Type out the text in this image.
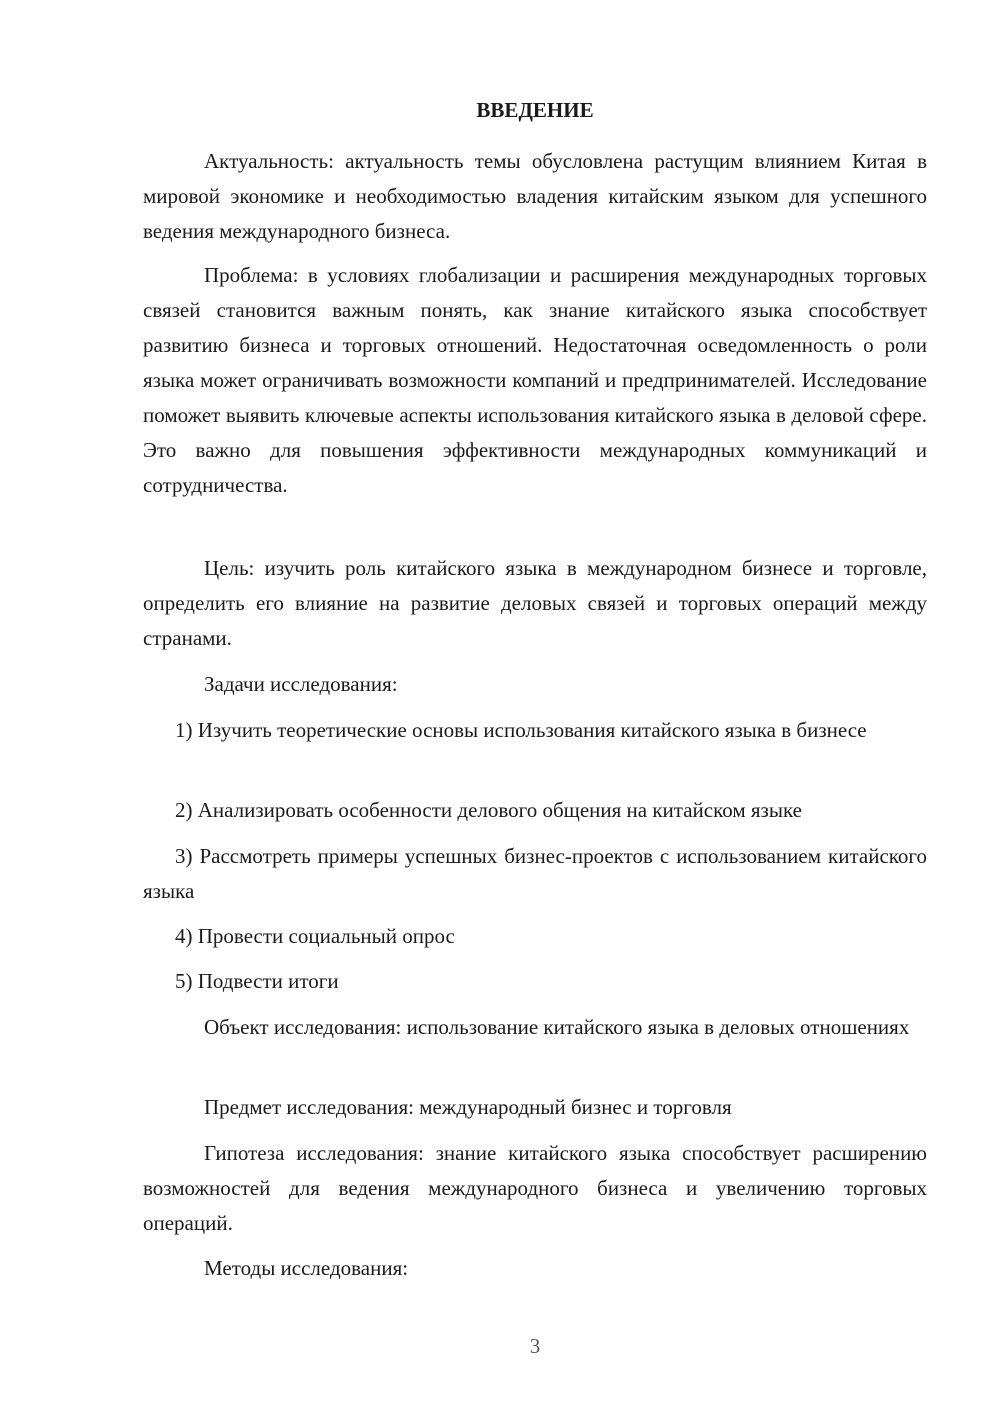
ВВЕДЕНИЕ

Актуальность: актуальность темы обусловлена растущим влиянием Китая в мировой экономике и необходимостью владения китайским языком для успешного ведения международного бизнеса.

Проблема: в условиях глобализации и расширения международных торговых связей становится важным понять, как знание китайского языка способствует развитию бизнеса и торговых отношений. Недостаточная осведомленность о роли языка может ограничивать возможности компаний и предпринимателей. Исследование поможет выявить ключевые аспекты использования китайского языка в деловой сфере. Это важно для повышения эффективности международных коммуникаций и сотрудничества.

Цель: изучить роль китайского языка в международном бизнесе и торговле, определить его влияние на развитие деловых связей и торговых операций между странами.

Задачи исследования:

1) Изучить теоретические основы использования китайского языка в бизнесе

2) Анализировать особенности делового общения на китайском языке

3) Рассмотреть примеры успешных бизнес-проектов с использованием китайского языка

4) Провести социальный опрос

5) Подвести итоги

Объект исследования: использование китайского языка в деловых отношениях

Предмет исследования: международный бизнес и торговля

Гипотеза исследования: знание китайского языка способствует расширению возможностей для ведения международного бизнеса и увеличению торговых операций.

Методы исследования:

3
